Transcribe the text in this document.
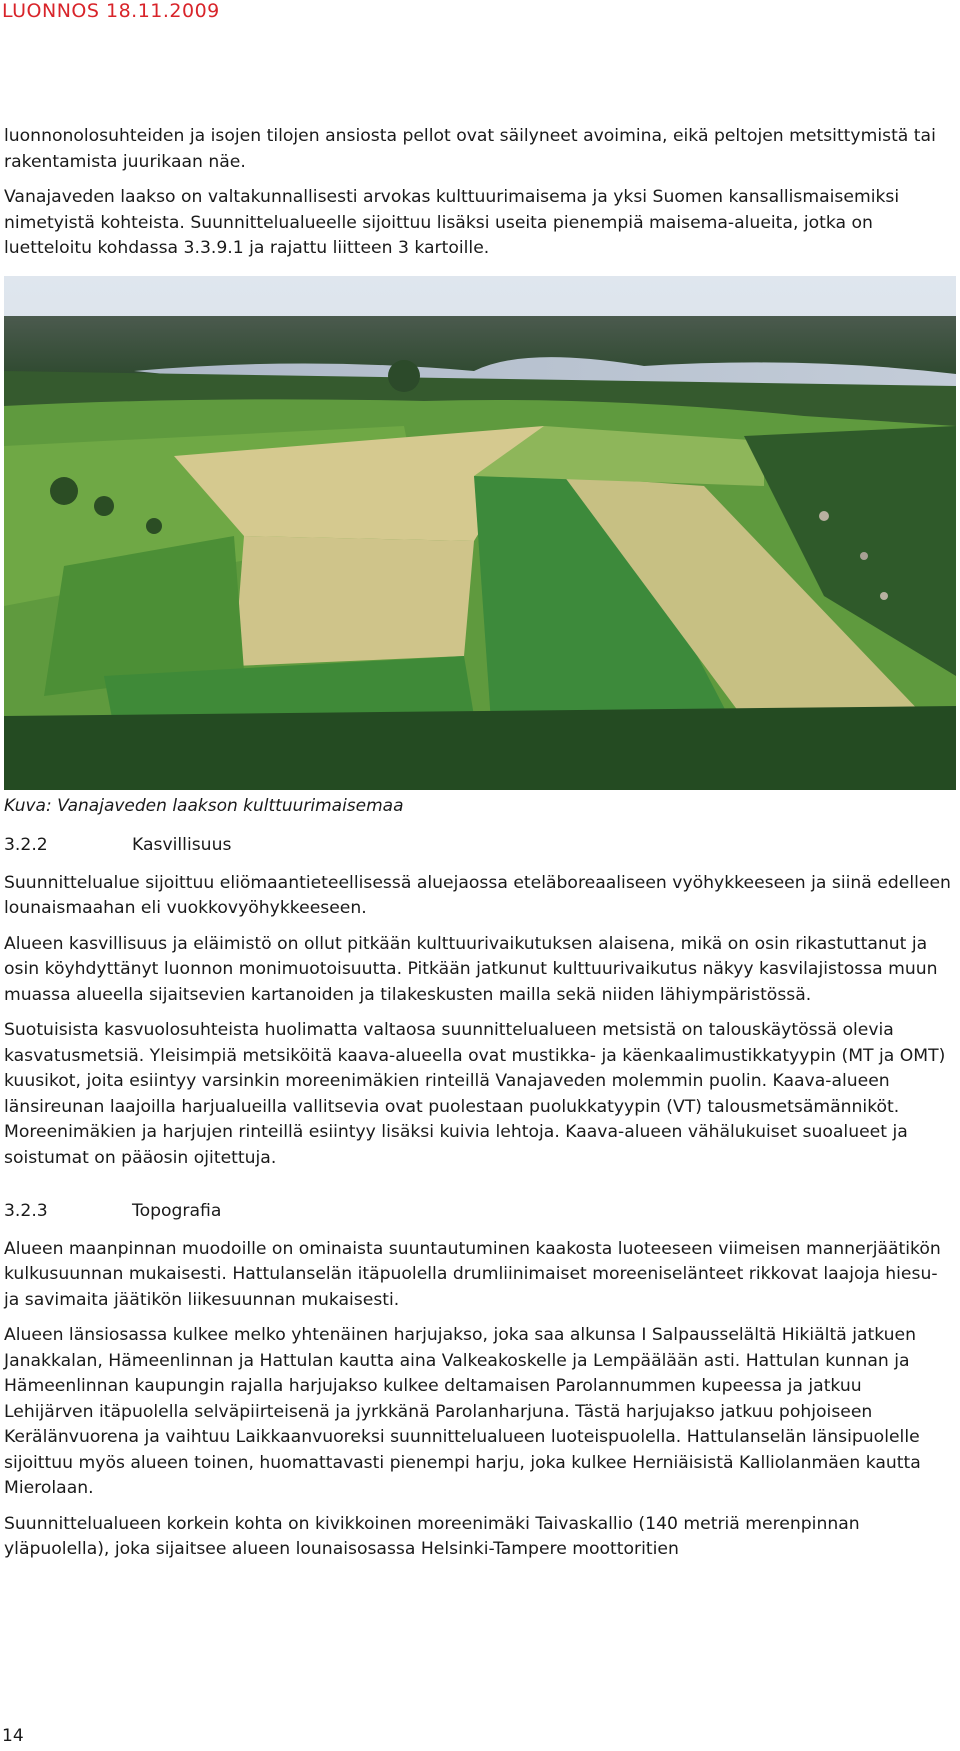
LUONNOS 18.11.2009

luonnonolosuhteiden ja isojen tilojen ansiosta pellot ovat säilyneet avoimina, eikä peltojen metsittymistä tai rakentamista juurikaan näe.

Vanajaveden laakso on valtakunnallisesti arvokas kulttuurimaisema ja yksi Suomen kansallismaisemiksi nimetyistä kohteista. Suunnittelualueelle sijoittuu lisäksi useita pienempiä maisema-alueita, jotka on luetteloitu kohdassa 3.3.9.1 ja rajattu liitteen 3 kartoille.

Kuva: Vanajaveden laakson kulttuurimaisemaa
3.2.2	Kasvillisuus

Suunnittelualue sijoittuu eliömaantieteellisessä aluejaossa eteläboreaaliseen vyöhykkeeseen ja siinä edelleen lounaismaahan eli vuokkovyöhykkeeseen.

Alueen kasvillisuus ja eläimistö on ollut pitkään kulttuurivaikutuksen alaisena, mikä on osin rikastuttanut ja osin köyhdyttänyt luonnon monimuotoisuutta. Pitkään jatkunut kulttuurivaikutus näkyy kasvilajistossa muun muassa alueella sijaitsevien kartanoiden ja tilakeskusten mailla sekä niiden lähiympäristössä.

Suotuisista kasvuolosuhteista huolimatta valtaosa suunnittelualueen metsistä on talouskäytössä olevia kasvatusmetsiä. Yleisimpiä metsiköitä kaava-alueella ovat mustikka- ja käenkaalimustikkatyypin (MT ja OMT) kuusikot, joita esiintyy varsinkin moreenimäkien rinteillä Vanajaveden molemmin puolin. Kaava-alueen länsireunan laajoilla harjualueilla vallitsevia ovat puolestaan puolukkatyypin (VT) talousmetsämänniköt. Moreenimäkien ja harjujen rinteillä esiintyy lisäksi kuivia lehtoja. Kaava-alueen vähälukuiset suoalueet ja soistumat on pääosin ojitettuja.

3.2.3	Topografia

Alueen maanpinnan muodoille on ominaista suuntautuminen kaakosta luoteeseen viimeisen mannerjäätikön kulkusuunnan mukaisesti. Hattulanselän itäpuolella drumliinimaiset moreeniselänteet rikkovat laajoja hiesu- ja savimaita jäätikön liikesuunnan mukaisesti.

Alueen länsiosassa kulkee melko yhtenäinen harjujakso, joka saa alkunsa I Salpausselältä Hikiältä jatkuen Janakkalan, Hämeenlinnan ja Hattulan kautta aina Valkeakoskelle ja Lempäälään asti. Hattulan kunnan ja Hämeenlinnan kaupungin rajalla harjujakso kulkee deltamaisen Parolannummen kupeessa ja jatkuu Lehijärven itäpuolella selväpiirteisenä ja jyrkkänä Parolanharjuna. Tästä harjujakso jatkuu pohjoiseen Kerälänvuorena ja vaihtuu Laikkaanvuoreksi suunnittelualueen luoteispuolella. Hattulanselän länsipuolelle sijoittuu myös alueen toinen, huomattavasti pienempi harju, joka kulkee Herniäisistä Kalliolanmäen kautta Mierolaan.

Suunnittelualueen korkein kohta on kivikkoinen moreenimäki Taivaskallio (140 metriä merenpinnan yläpuolella), joka sijaitsee alueen lounaisosassa Helsinki-Tampere moottoritien

14
